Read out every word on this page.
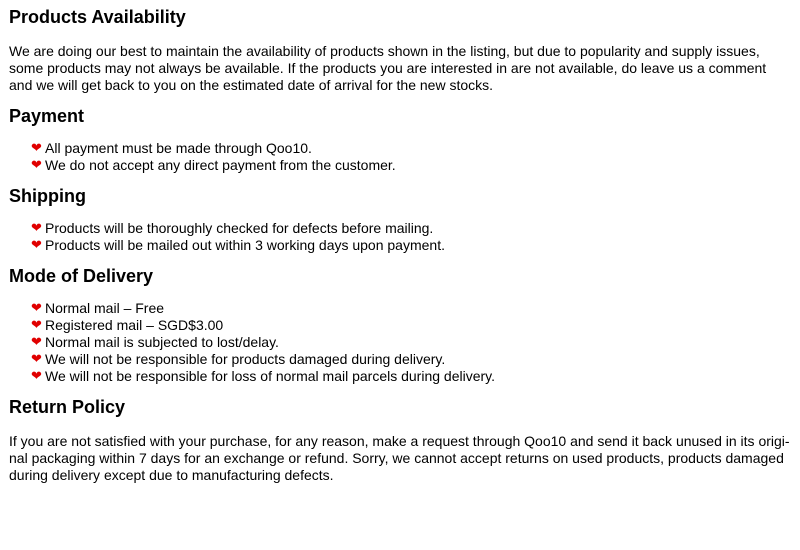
Products Availability

We are doing our best to maintain the availability of products shown in the listing, but due to popularity and supply issues, some products may not always be available. If the products you are interested in are not available, do leave us a comment and we will get back to you on the estimated date of arrival for the new stocks.

Payment
❤ All payment must be made through Qoo10.
❤ We do not accept any direct payment from the customer.
Shipping
❤ Products will be thoroughly checked for defects before mailing.
❤ Products will be mailed out within 3 working days upon payment.
Mode of Delivery
❤ Normal mail – Free
❤ Registered mail – SGD$3.00
❤ Normal mail is subjected to lost/delay.
❤ We will not be responsible for products damaged during delivery.
❤ We will not be responsible for loss of normal mail parcels during delivery.
Return Policy

If you are not satisfied with your purchase, for any reason, make a request through Qoo10 and send it back unused in its origi-nal packaging within 7 days for an exchange or refund. Sorry, we cannot accept returns on used products, products damaged during delivery except due to manufacturing defects.
